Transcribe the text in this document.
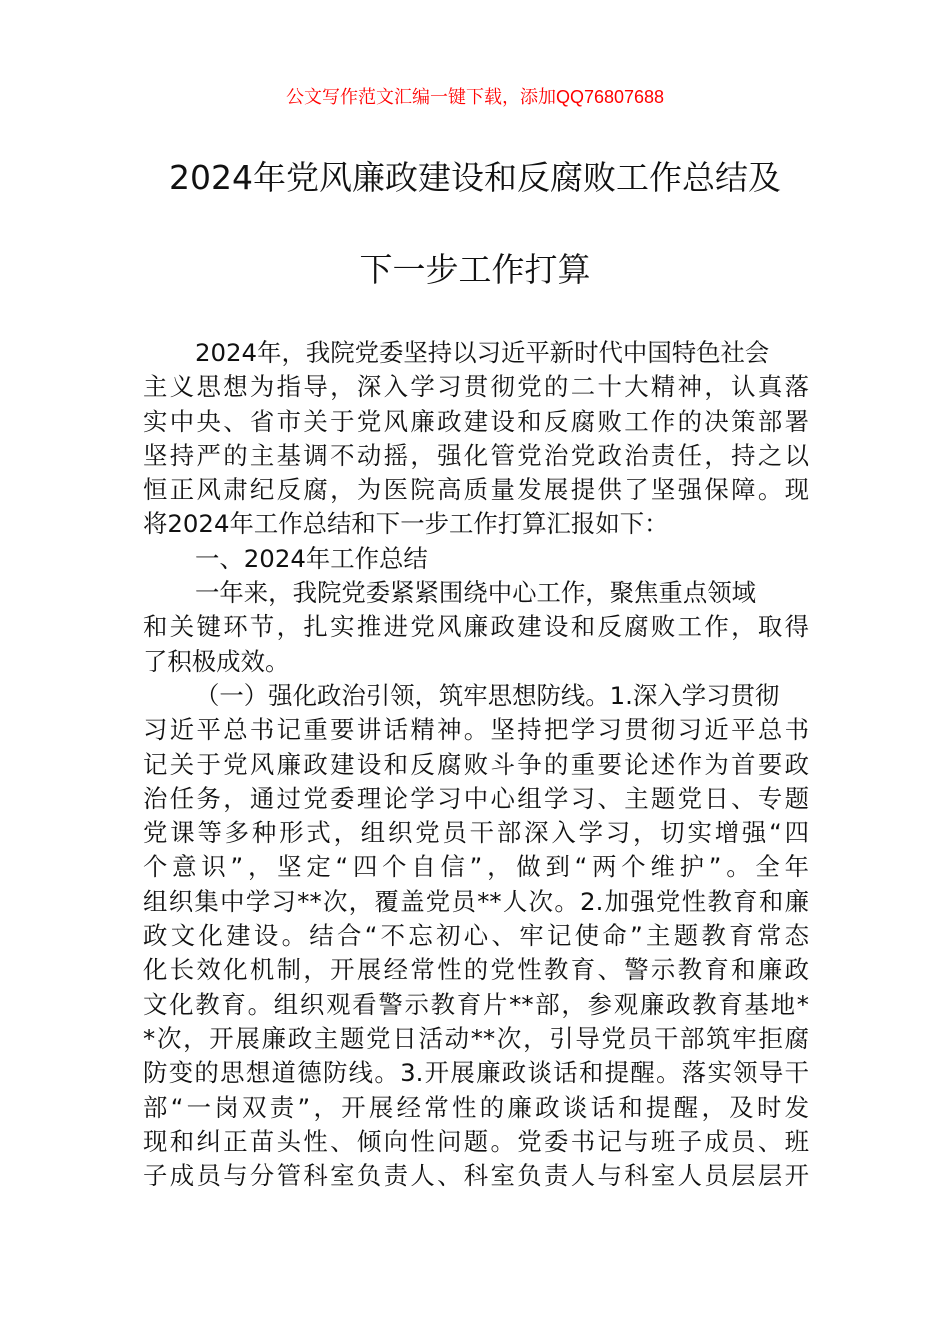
公文写作范文汇编一键下载，添加QQ76807688
2024年党风廉政建设和反腐败工作总结及
下一步工作打算
2024年，我院党委坚持以习近平新时代中国特色社会
主义思想为指导，深入学习贯彻党的二十大精神，认真落
实中央、省市关于党风廉政建设和反腐败工作的决策部署
坚持严的主基调不动摇，强化管党治党政治责任，持之以
恒正风肃纪反腐，为医院高质量发展提供了坚强保障。现
将2024年工作总结和下一步工作打算汇报如下：
一、2024年工作总结
一年来，我院党委紧紧围绕中心工作，聚焦重点领域
和关键环节，扎实推进党风廉政建设和反腐败工作，取得
了积极成效。
（一）强化政治引领，筑牢思想防线。1.深入学习贯彻
习近平总书记重要讲话精神。坚持把学习贯彻习近平总书
记关于党风廉政建设和反腐败斗争的重要论述作为首要政
治任务，通过党委理论学习中心组学习、主题党日、专题
党课等多种形式，组织党员干部深入学习，切实增强“四
个意识”，坚定“四个自信”，做到“两个维护”。全年
组织集中学习**次，覆盖党员**人次。2.加强党性教育和廉
政文化建设。结合“不忘初心、牢记使命”主题教育常态
化长效化机制，开展经常性的党性教育、警示教育和廉政
文化教育。组织观看警示教育片**部，参观廉政教育基地*
*次，开展廉政主题党日活动**次，引导党员干部筑牢拒腐
防变的思想道德防线。3.开展廉政谈话和提醒。落实领导干
部“一岗双责”，开展经常性的廉政谈话和提醒，及时发
现和纠正苗头性、倾向性问题。党委书记与班子成员、班
子成员与分管科室负责人、科室负责人与科室人员层层开
